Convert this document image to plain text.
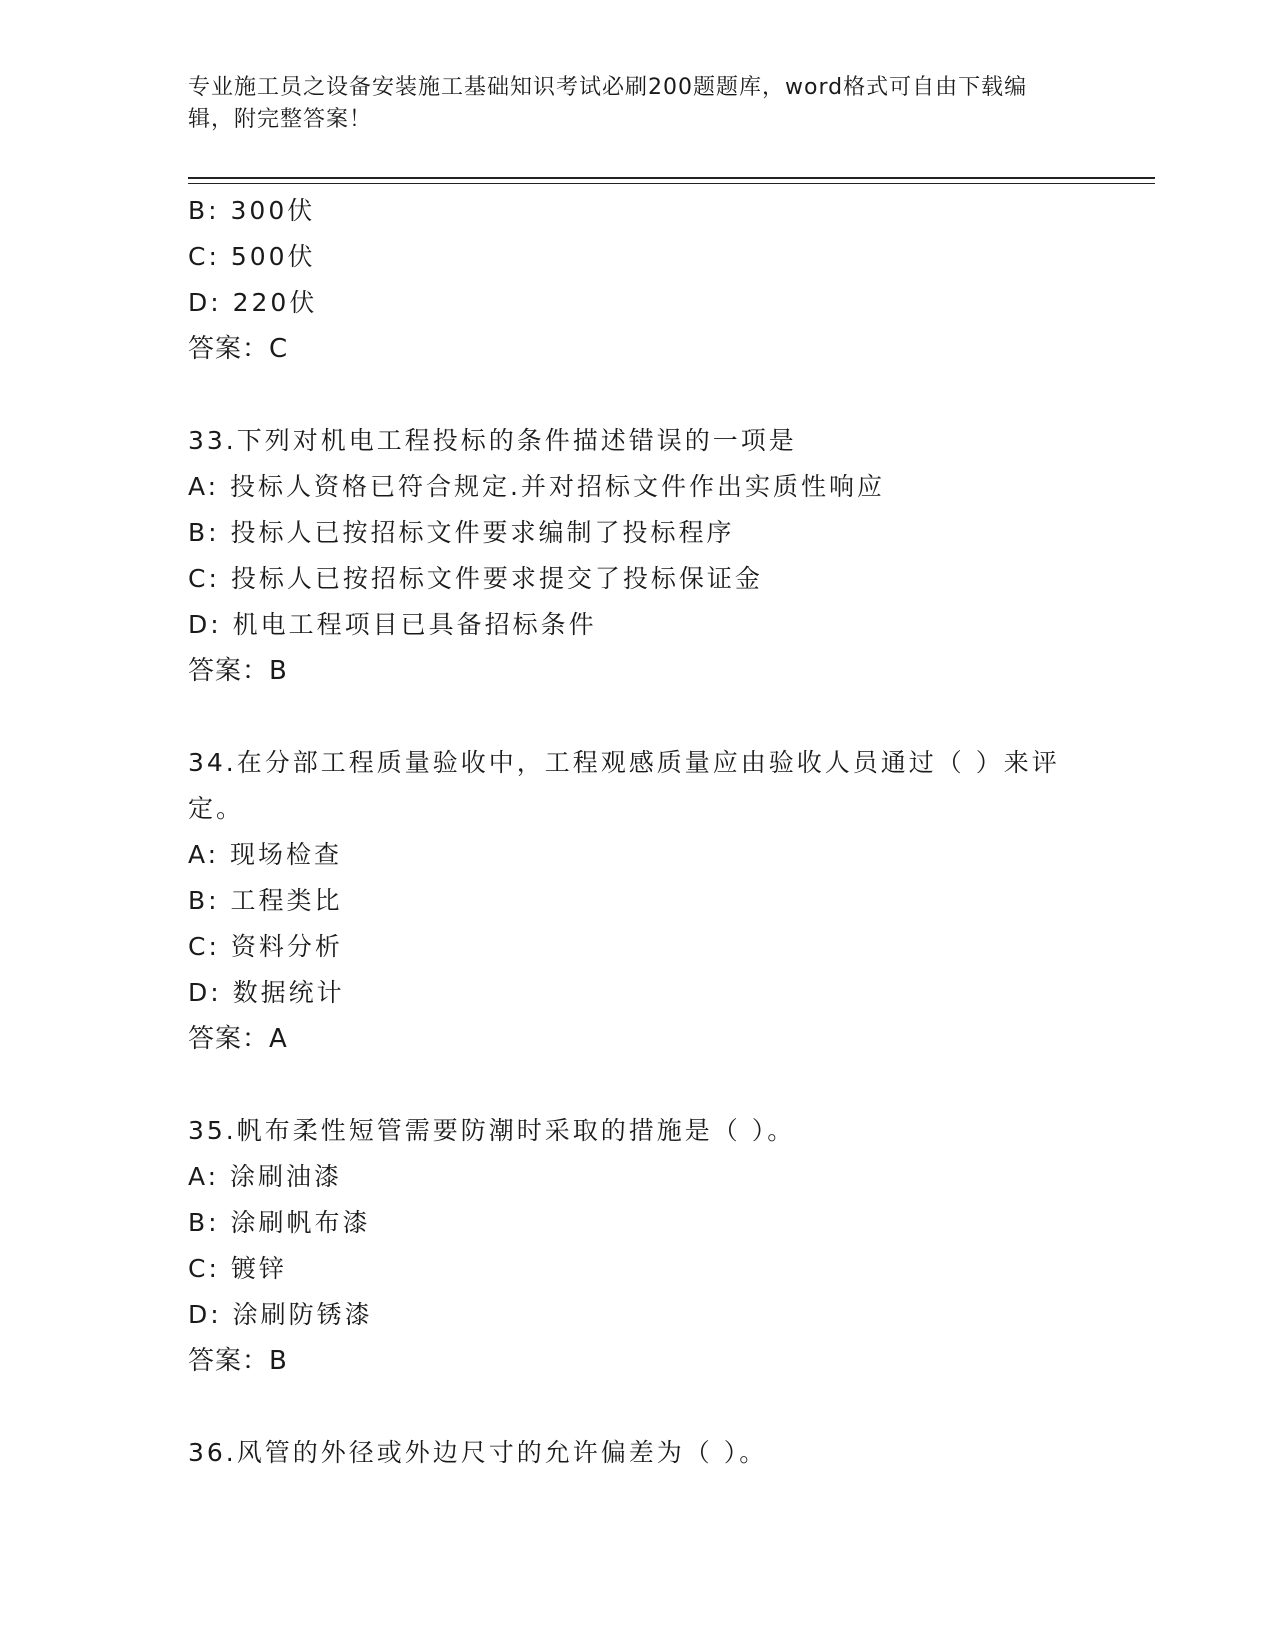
专业施工员之设备安装施工基础知识考试必刷200题题库，word格式可自由下载编辑，附完整答案！
B: 300伏
C: 500伏
D: 220伏
答案：C
33.下列对机电工程投标的条件描述错误的一项是
A: 投标人资格已符合规定.并对招标文件作出实质性响应
B: 投标人已按招标文件要求编制了投标程序
C: 投标人已按招标文件要求提交了投标保证金
D: 机电工程项目已具备招标条件
答案：B
34.在分部工程质量验收中，工程观感质量应由验收人员通过（ ）来评定。
A: 现场检查
B: 工程类比
C: 资料分析
D: 数据统计
答案：A
35.帆布柔性短管需要防潮时采取的措施是（ ）。
A: 涂刷油漆
B: 涂刷帆布漆
C: 镀锌
D: 涂刷防锈漆
答案：B
36.风管的外径或外边尺寸的允许偏差为（ ）。
